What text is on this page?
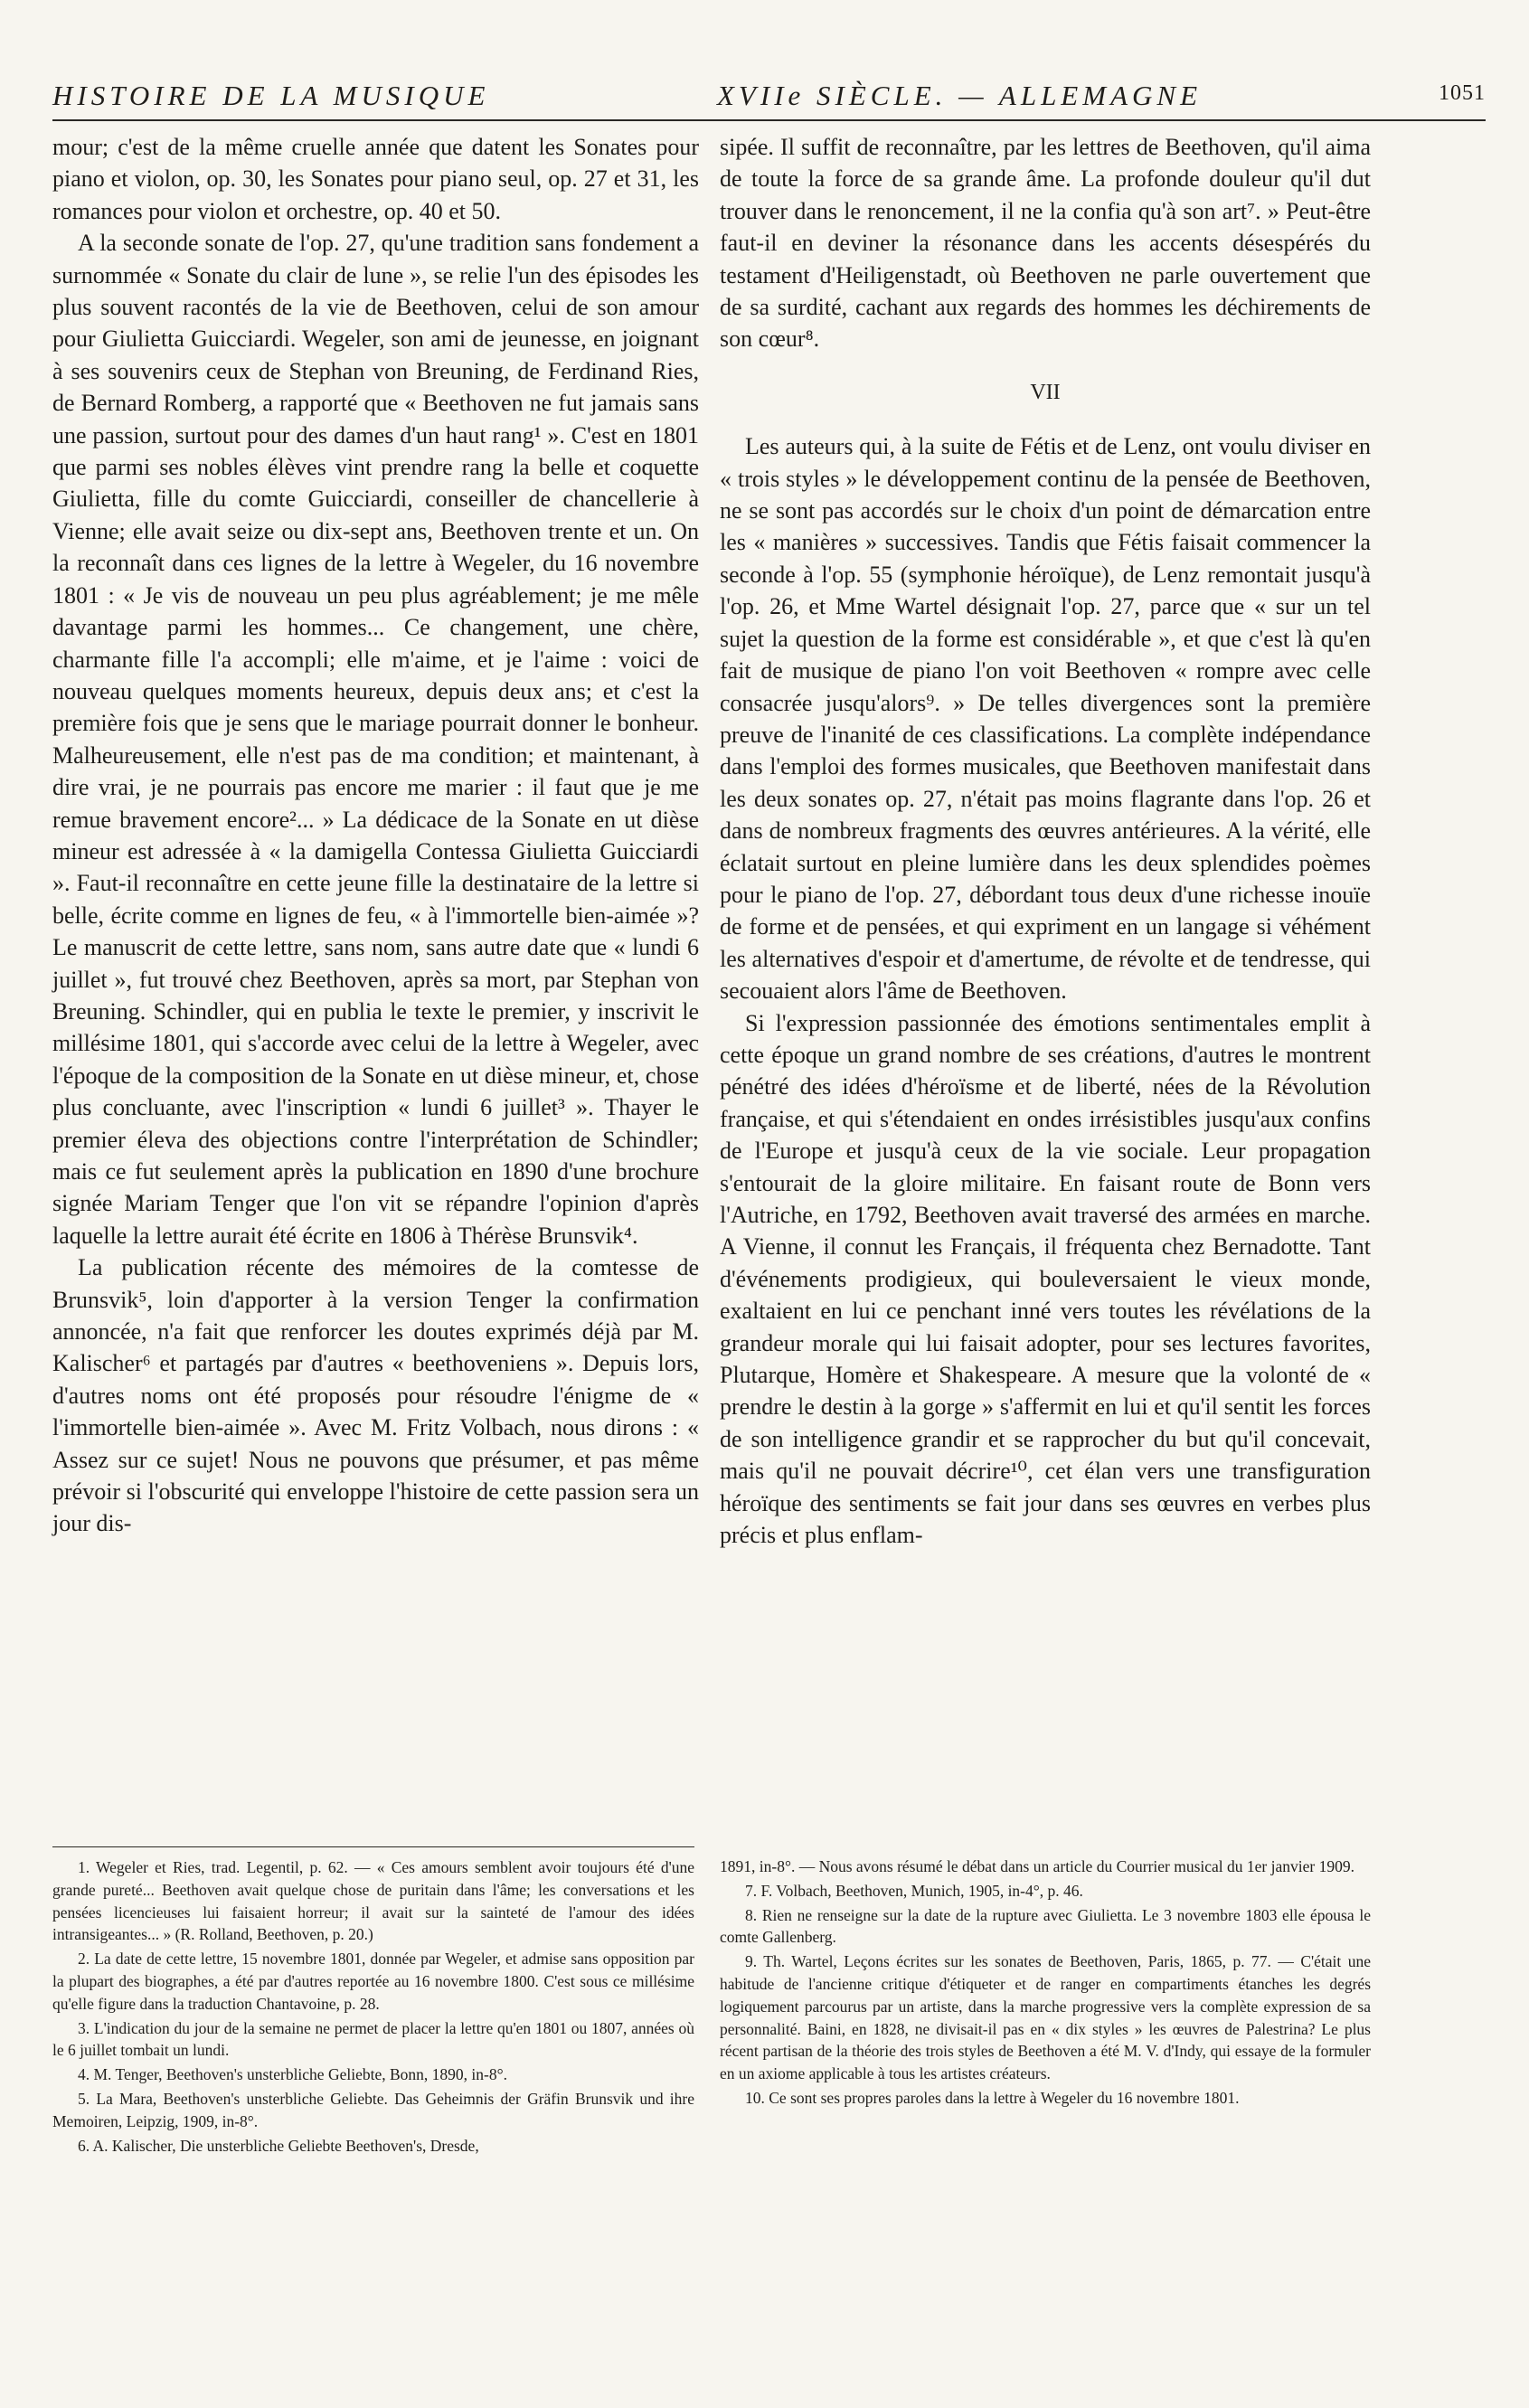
HISTOIRE DE LA MUSIQUE	XVIIe SIÈCLE. — ALLEMAGNE	1051

mour; c'est de la même cruelle année que datent les Sonates pour piano et violon, op. 30, les Sonates pour piano seul, op. 27 et 31, les romances pour violon et orchestre, op. 40 et 50.

A la seconde sonate de l'op. 27, qu'une tradition sans fondement a surnommée « Sonate du clair de lune », se relie l'un des épisodes les plus souvent racontés de la vie de Beethoven, celui de son amour pour Giulietta Guicciardi. Wegeler, son ami de jeunesse, en joignant à ses souvenirs ceux de Stephan von Breuning, de Ferdinand Ries, de Bernard Romberg, a rapporté que « Beethoven ne fut jamais sans une passion, surtout pour des dames d'un haut rang¹ ». C'est en 1801 que parmi ses nobles élèves vint prendre rang la belle et coquette Giulietta, fille du comte Guicciardi, conseiller de chancellerie à Vienne; elle avait seize ou dix-sept ans, Beethoven trente et un. On la reconnaît dans ces lignes de la lettre à Wegeler, du 16 novembre 1801 : « Je vis de nouveau un peu plus agréablement; je me mêle davantage parmi les hommes... Ce changement, une chère, charmante fille l'a accompli; elle m'aime, et je l'aime : voici de nouveau quelques moments heureux, depuis deux ans; et c'est la première fois que je sens que le mariage pourrait donner le bonheur. Malheureusement, elle n'est pas de ma condition; et maintenant, à dire vrai, je ne pourrais pas encore me marier : il faut que je me remue bravement encore²... » La dédicace de la Sonate en ut dièse mineur est adressée à « la damigella Contessa Giulietta Guicciardi ». Faut-il reconnaître en cette jeune fille la destinataire de la lettre si belle, écrite comme en lignes de feu, « à l'immortelle bien-aimée »? Le manuscrit de cette lettre, sans nom, sans autre date que « lundi 6 juillet », fut trouvé chez Beethoven, après sa mort, par Stephan von Breuning. Schindler, qui en publia le texte le premier, y inscrivit le millésime 1801, qui s'accorde avec celui de la lettre à Wegeler, avec l'époque de la composition de la Sonate en ut dièse mineur, et, chose plus concluante, avec l'inscription « lundi 6 juillet³ ». Thayer le premier éleva des objections contre l'interprétation de Schindler; mais ce fut seulement après la publication en 1890 d'une brochure signée Mariam Tenger que l'on vit se répandre l'opinion d'après laquelle la lettre aurait été écrite en 1806 à Thérèse Brunsvik⁴.

La publication récente des mémoires de la comtesse de Brunsvik⁵, loin d'apporter à la version Tenger la confirmation annoncée, n'a fait que renforcer les doutes exprimés déjà par M. Kalischer⁶ et partagés par d'autres « beethoveniens ». Depuis lors, d'autres noms ont été proposés pour résoudre l'énigme de « l'immortelle bien-aimée ». Avec M. Fritz Volbach, nous dirons : « Assez sur ce sujet! Nous ne pouvons que présumer, et pas même prévoir si l'obscurité qui enveloppe l'histoire de cette passion sera un jour dis-

sipée. Il suffit de reconnaître, par les lettres de Beethoven, qu'il aima de toute la force de sa grande âme. La profonde douleur qu'il dut trouver dans le renoncement, il ne la confia qu'à son art⁷. » Peut-être faut-il en deviner la résonance dans les accents désespérés du testament d'Heiligenstadt, où Beethoven ne parle ouvertement que de sa surdité, cachant aux regards des hommes les déchirements de son cœur⁸.

VII

Les auteurs qui, à la suite de Fétis et de Lenz, ont voulu diviser en « trois styles » le développement continu de la pensée de Beethoven, ne se sont pas accordés sur le choix d'un point de démarcation entre les « manières » successives. Tandis que Fétis faisait commencer la seconde à l'op. 55 (symphonie héroïque), de Lenz remontait jusqu'à l'op. 26, et Mme Wartel désignait l'op. 27, parce que « sur un tel sujet la question de la forme est considérable », et que c'est là qu'en fait de musique de piano l'on voit Beethoven « rompre avec celle consacrée jusqu'alors⁹. » De telles divergences sont la première preuve de l'inanité de ces classifications. La complète indépendance dans l'emploi des formes musicales, que Beethoven manifestait dans les deux sonates op. 27, n'était pas moins flagrante dans l'op. 26 et dans de nombreux fragments des œuvres antérieures. A la vérité, elle éclatait surtout en pleine lumière dans les deux splendides poèmes pour le piano de l'op. 27, débordant tous deux d'une richesse inouïe de forme et de pensées, et qui expriment en un langage si véhément les alternatives d'espoir et d'amertume, de révolte et de tendresse, qui secouaient alors l'âme de Beethoven.

Si l'expression passionnée des émotions sentimentales emplit à cette époque un grand nombre de ses créations, d'autres le montrent pénétré des idées d'héroïsme et de liberté, nées de la Révolution française, et qui s'étendaient en ondes irrésistibles jusqu'aux confins de l'Europe et jusqu'à ceux de la vie sociale. Leur propagation s'entourait de la gloire militaire. En faisant route de Bonn vers l'Autriche, en 1792, Beethoven avait traversé des armées en marche. A Vienne, il connut les Français, il fréquenta chez Bernadotte. Tant d'événements prodigieux, qui bouleversaient le vieux monde, exaltaient en lui ce penchant inné vers toutes les révélations de la grandeur morale qui lui faisait adopter, pour ses lectures favorites, Plutarque, Homère et Shakespeare. A mesure que la volonté de « prendre le destin à la gorge » s'affermit en lui et qu'il sentit les forces de son intelligence grandir et se rapprocher du but qu'il concevait, mais qu'il ne pouvait décrire¹⁰, cet élan vers une transfiguration héroïque des sentiments se fait jour dans ses œuvres en verbes plus précis et plus enflam-

1. Wegeler et Ries, trad. Legentil, p. 62. — « Ces amours semblent avoir toujours été d'une grande pureté... Beethoven avait quelque chose de puritain dans l'âme; les conversations et les pensées licencieuses lui faisaient horreur; il avait sur la sainteté de l'amour des idées intransigeantes... » (R. Rolland, Beethoven, p. 20.)

2. La date de cette lettre, 15 novembre 1801, donnée par Wegeler, et admise sans opposition par la plupart des biographes, a été par d'autres reportée au 16 novembre 1800. C'est sous ce millésime qu'elle figure dans la traduction Chantavoine, p. 28.

3. L'indication du jour de la semaine ne permet de placer la lettre qu'en 1801 ou 1807, années où le 6 juillet tombait un lundi.

4. M. Tenger, Beethoven's unsterbliche Geliebte, Bonn, 1890, in-8°.

5. La Mara, Beethoven's unsterbliche Geliebte. Das Geheimnis der Gräfin Brunsvik und ihre Memoiren, Leipzig, 1909, in-8°.

6. A. Kalischer, Die unsterbliche Geliebte Beethoven's, Dresde,

1891, in-8°. — Nous avons résumé le débat dans un article du Courrier musical du 1er janvier 1909.

7. F. Volbach, Beethoven, Munich, 1905, in-4°, p. 46.

8. Rien ne renseigne sur la date de la rupture avec Giulietta. Le 3 novembre 1803 elle épousa le comte Gallenberg.

9. Th. Wartel, Leçons écrites sur les sonates de Beethoven, Paris, 1865, p. 77. — C'était une habitude de l'ancienne critique d'étiqueter et de ranger en compartiments étanches les degrés logiquement parcourus par un artiste, dans la marche progressive vers la complète expression de sa personnalité. Baini, en 1828, ne divisait-il pas en « dix styles » les œuvres de Palestrina? Le plus récent partisan de la théorie des trois styles de Beethoven a été M. V. d'Indy, qui essaye de la formuler en un axiome applicable à tous les artistes créateurs.

10. Ce sont ses propres paroles dans la lettre à Wegeler du 16 novembre 1801.
